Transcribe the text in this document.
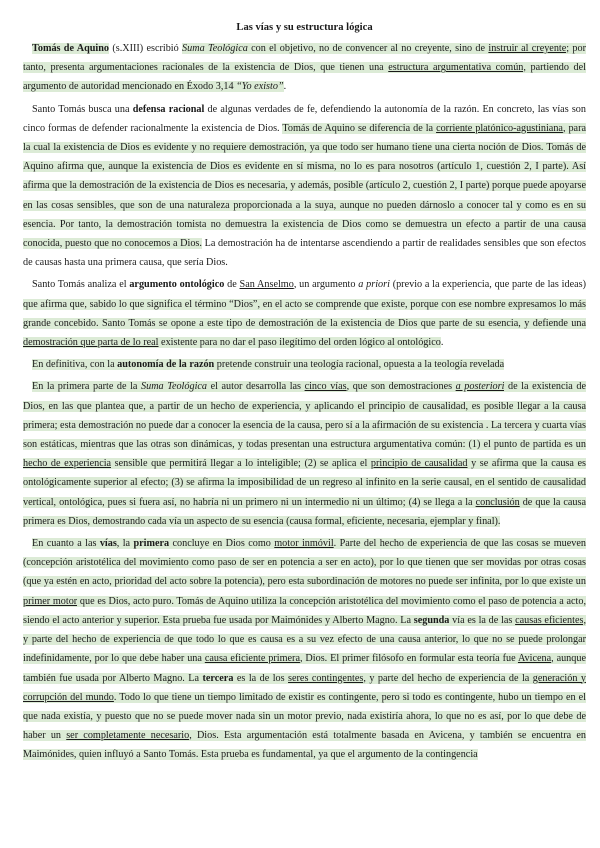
Las vías y su estructura lógica

Tomás de Aquino (s.XIII) escribió Suma Teológica con el objetivo, no de convencer al no creyente, sino de instruir al creyente; por tanto, presenta argumentaciones racionales de la existencia de Dios, que tienen una estructura argumentativa común, partiendo del argumento de autoridad mencionado en Éxodo 3,14 “Yo existo”.

Santo Tomás busca una defensa racional de algunas verdades de fe, defendiendo la autonomía de la razón. En concreto, las vías son cinco formas de defender racionalmente la existencia de Dios. Tomás de Aquino se diferencia de la corriente platónico-agustiniana, para la cual la existencia de Dios es evidente y no requiere demostración, ya que todo ser humano tiene una cierta noción de Dios. Tomás de Aquino afirma que, aunque la existencia de Dios es evidente en sí misma, no lo es para nosotros (artículo 1, cuestión 2, I parte). Así afirma que la demostración de la existencia de Dios es necesaria, y además, posible (artículo 2, cuestión 2, I parte) porque puede apoyarse en las cosas sensibles, que son de una naturaleza proporcionada a la suya, aunque no pueden dárnoslo a conocer tal y como es en su esencia. Por tanto, la demostración tomista no demuestra la existencia de Dios como se demuestra un efecto a partir de una causa conocida, puesto que no conocemos a Dios. La demostración ha de intentarse ascendiendo a partir de realidades sensibles que son efectos de causas hasta una primera causa, que sería Dios.

Santo Tomás analiza el argumento ontológico de San Anselmo, un argumento a priori (previo a la experiencia, que parte de las ideas) que afirma que, sabido lo que significa el término “Dios”, en el acto se comprende que existe, porque con ese nombre expresamos lo más grande concebido. Santo Tomás se opone a este tipo de demostración de la existencia de Dios que parte de su esencia, y defiende una demostración que parta de lo real existente para no dar el paso ilegítimo del orden lógico al ontológico.

En definitiva, con la autonomía de la razón pretende construir una teología racional, opuesta a la teología revelada

En la primera parte de la Suma Teológica el autor desarrolla las cinco vías, que son demostraciones a posteriori de la existencia de Dios, en las que plantea que, a partir de un hecho de experiencia, y aplicando el principio de causalidad, es posible llegar a la causa primera; esta demostración no puede dar a conocer la esencia de la causa, pero sí a la afirmación de su existencia . La tercera y cuarta vías son estáticas, mientras que las otras son dinámicas, y todas presentan una estructura argumentativa común: (1) el punto de partida es un hecho de experiencia sensible que permitirá llegar a lo inteligible; (2) se aplica el principio de causalidad y se afirma que la causa es ontológicamente superior al efecto; (3) se afirma la imposibilidad de un regreso al infinito en la serie causal, en el sentido de causalidad vertical, ontológica, pues si fuera así, no habría ni un primero ni un intermedio ni un último; (4) se llega a la conclusión de que la causa primera es Dios, demostrando cada vía un aspecto de su esencia (causa formal, eficiente, necesaria, ejemplar y final).

En cuanto a las vías, la primera concluye en Dios como motor inmóvil. Parte del hecho de experiencia de que las cosas se mueven (concepción aristotélica del movimiento como paso de ser en potencia a ser en acto), por lo que tienen que ser movidas por otras cosas (que ya estén en acto, prioridad del acto sobre la potencia), pero esta subordinación de motores no puede ser infinita, por lo que existe un primer motor que es Dios, acto puro. Tomás de Aquino utiliza la concepción aristotélica del movimiento como el paso de potencia a acto, siendo el acto anterior y superior. Esta prueba fue usada por Maimónides y Alberto Magno. La segunda vía es la de las causas eficientes, y parte del hecho de experiencia de que todo lo que es causa es a su vez efecto de una causa anterior, lo que no se puede prolongar indefinidamente, por lo que debe haber una causa eficiente primera, Dios. El primer filósofo en formular esta teoría fue Avicena, aunque también fue usada por Alberto Magno. La tercera es la de los seres contingentes, y parte del hecho de experiencia de la generación y corrupción del mundo. Todo lo que tiene un tiempo limitado de existir es contingente, pero si todo es contingente, hubo un tiempo en el que nada existía, y puesto que no se puede mover nada sin un motor previo, nada existiría ahora, lo que no es así, por lo que debe de haber un ser completamente necesario, Dios. Esta argumentación está totalmente basada en Avicena, y también se encuentra en Maimónides, quien influyó a Santo Tomás. Esta prueba es fundamental, ya que el argumento de la contingencia
